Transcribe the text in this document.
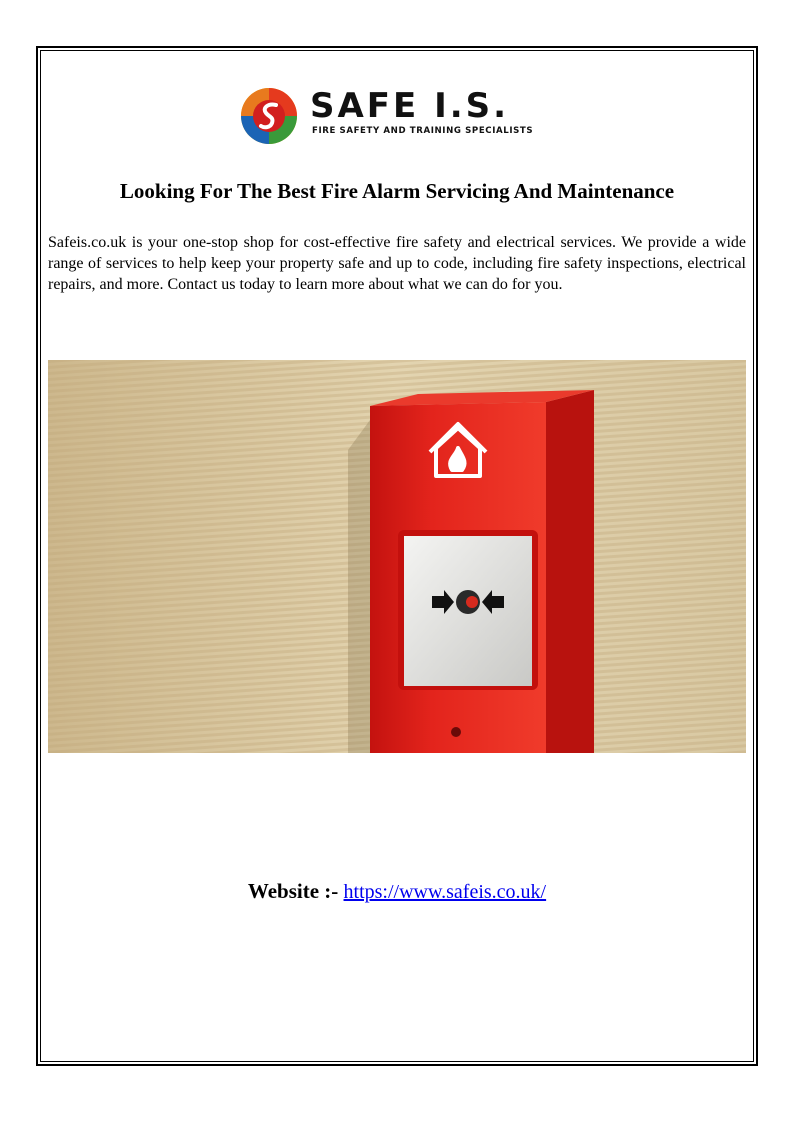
SAFE I.S.
FIRE SAFETY AND TRAINING SPECIALISTS
Looking For The Best Fire Alarm Servicing And Maintenance
Safeis.co.uk is your one-stop shop for cost-effective fire safety and electrical services. We provide a wide range of services to help keep your property safe and up to code, including fire safety inspections, electrical repairs, and more. Contact us today to learn more about what we can do for you.
Website :- https://www.safeis.co.uk/
